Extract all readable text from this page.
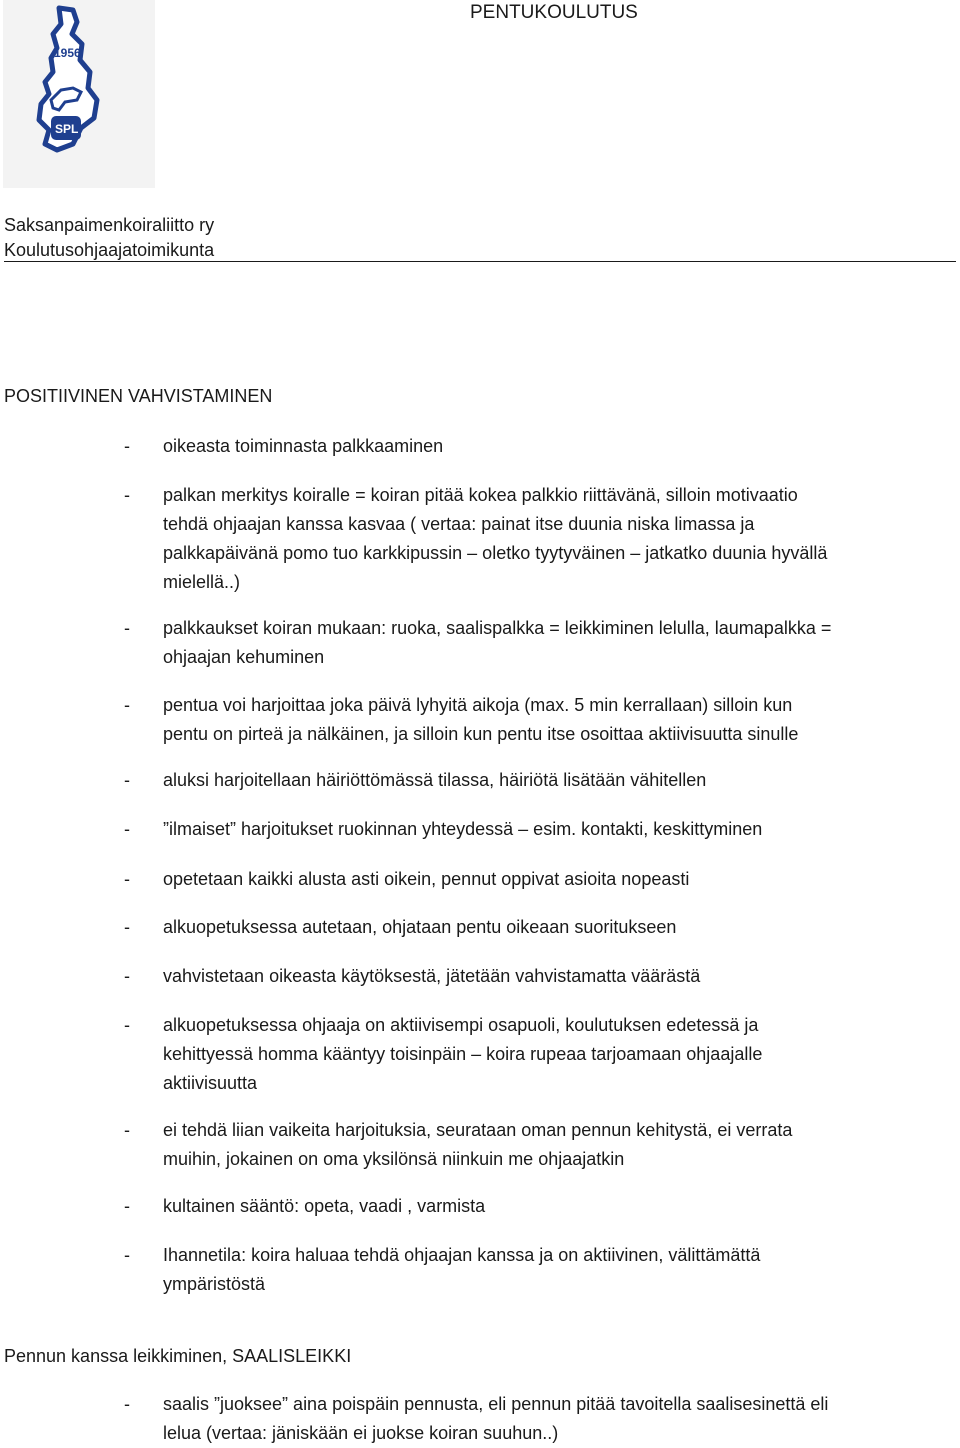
1956
SPL
PENTUKOULUTUS
Saksanpaimenkoiraliitto ry
Koulutusohjaajatoimikunta
POSITIIVINEN VAHVISTAMINEN
- oikeasta toiminnasta palkkaaminen
- palkan merkitys koiralle = koiran pitää kokea palkkio riittävänä, silloin motivaatio
tehdä ohjaajan kanssa kasvaa ( vertaa: painat itse duunia niska limassa ja
palkkapäivänä pomo tuo karkkipussin – oletko tyytyväinen – jatkatko duunia hyvällä
mielellä..)
- palkkaukset koiran mukaan: ruoka, saalispalkka = leikkiminen lelulla, laumapalkka =
ohjaajan kehuminen
- pentua voi harjoittaa joka päivä lyhyitä aikoja (max. 5 min kerrallaan) silloin kun
pentu on pirteä ja nälkäinen, ja silloin kun pentu itse osoittaa aktiivisuutta sinulle
- aluksi harjoitellaan häiriöttömässä tilassa, häiriötä lisätään vähitellen
- ”ilmaiset” harjoitukset ruokinnan yhteydessä – esim. kontakti, keskittyminen
- opetetaan kaikki alusta asti oikein, pennut oppivat asioita nopeasti
- alkuopetuksessa autetaan, ohjataan pentu oikeaan suoritukseen
- vahvistetaan oikeasta käytöksestä, jätetään vahvistamatta väärästä
- alkuopetuksessa ohjaaja on aktiivisempi osapuoli, koulutuksen edetessä ja
kehittyessä homma kääntyy toisinpäin – koira rupeaa tarjoamaan ohjaajalle
aktiivisuutta
- ei tehdä liian vaikeita harjoituksia, seurataan oman pennun kehitystä, ei verrata
muihin, jokainen on oma yksilönsä niinkuin me ohjaajatkin
- kultainen sääntö: opeta, vaadi , varmista
- Ihannetila: koira haluaa tehdä ohjaajan kanssa ja on aktiivinen, välittämättä
ympäristöstä
Pennun kanssa leikkiminen, SAALISLEIKKI
- saalis ”juoksee” aina poispäin pennusta, eli pennun pitää tavoitella saalisesinettä eli
lelua (vertaa: jäniskään ei juokse koiran suuhun..)
